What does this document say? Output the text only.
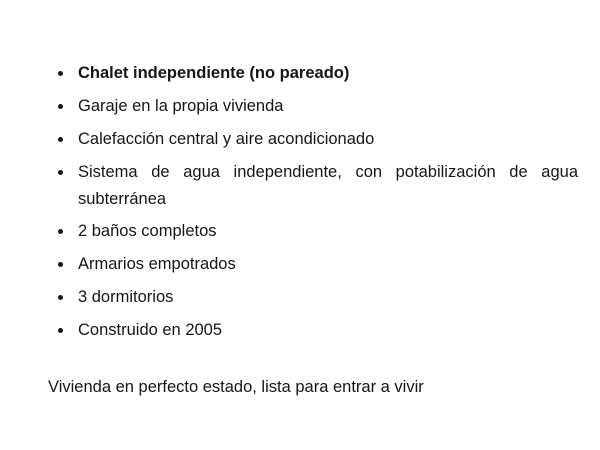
Chalet independiente (no pareado)
Garaje en la propia vivienda
Calefacción central y aire acondicionado
Sistema de agua independiente, con potabilización de agua subterránea
2 baños completos
Armarios empotrados
3 dormitorios
Construido en 2005

Vivienda en perfecto estado, lista para entrar a vivir
